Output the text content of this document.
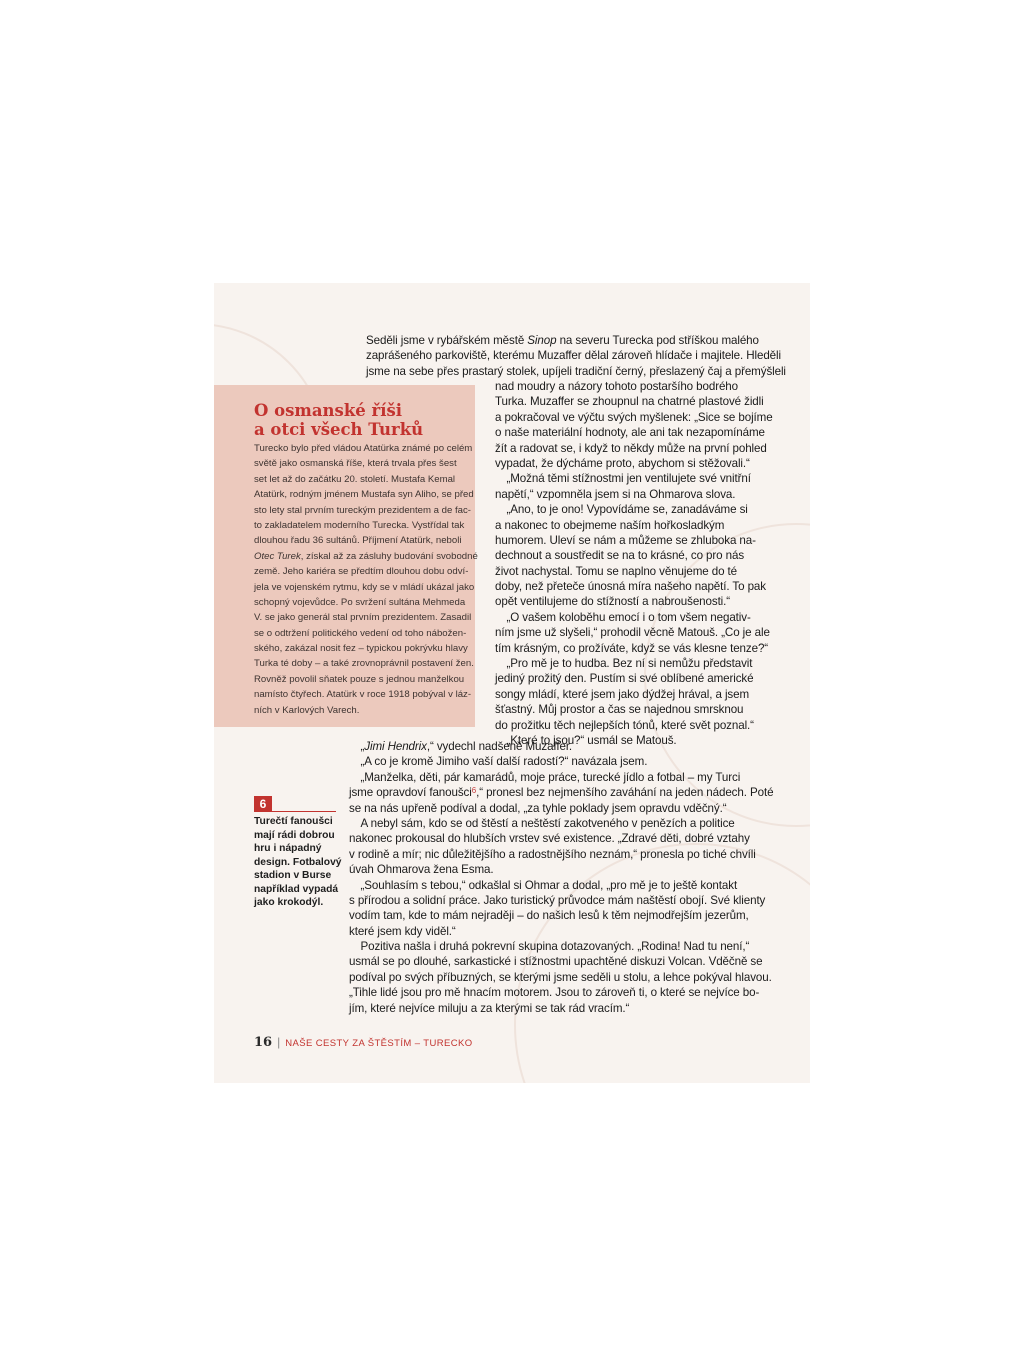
Seděli jsme v rybářském městě Sinop na severu Turecka pod stříškou malého
zaprášeného parkoviště, kterému Muzaffer dělal zároveň hlídače i majitele. Hleděli
jsme na sebe přes prastarý stolek, upíjeli tradiční černý, přeslazený čaj a přemýšleli
nad moudry a názory tohoto postaršího bodrého
Turka. Muzaffer se zhoupnul na chatrné plastové židli
a pokračoval ve výčtu svých myšlenek: „Sice se bojíme
o naše materiální hodnoty, ale ani tak nezapomínáme
žít a radovat se, i když to někdy může na první pohled
vypadat, že dýcháme proto, abychom si stěžovali.“
 „Možná těmi stížnostmi jen ventilujete své vnitřní
napětí,“ vzpomněla jsem si na Ohmarova slova.
 „Ano, to je ono! Vypovídáme se, zanadáváme si
a nakonec to obejmeme naším hořkosladkým
humorem. Uleví se nám a můžeme se zhluboka na-
dechnout a soustředit se na to krásné, co pro nás
život nachystal. Tomu se naplno věnujeme do té
doby, než přeteče únosná míra našeho napětí. To pak
opět ventilujeme do stížností a nabroušenosti.“
 „O vašem koloběhu emocí i o tom všem negativ-
ním jsme už slyšeli,“ prohodil věcně Matouš. „Co je ale
tím krásným, co prožíváte, když se vás klesne tenze?“
 „Pro mě je to hudba. Bez ní si nemůžu představit
jediný prožitý den. Pustím si své oblíbené americké
songy mládí, které jsem jako dýdžej hrával, a jsem
šťastný. Můj prostor a čas se najednou smrsknou
do prožitku těch nejlepších tónů, které svět poznal.“
 „Které to jsou?“ usmál se Matouš.
 „Jimi Hendrix,“ vydechl nadšeně Muzaffer.
 „A co je kromě Jimiho vaší další radostí?“ navázala jsem.
 „Manželka, děti, pár kamarádů, moje práce, turecké jídlo a fotbal – my Turci
jsme opravdoví fanoušci$^6$,“ pronesl bez nejmenšího zaváhání na jeden nádech. Poté
se na nás upřeně podíval a dodal, „za tyhle poklady jsem opravdu vděčný.“
 A nebyl sám, kdo se od štěstí a neštěstí zakotveného v penězích a politice
nakonec prokousal do hlubších vrstev své existence. „Zdravé děti, dobré vztahy
v rodině a mír; nic důležitějšího a radostnějšího neznám,“ pronesla po tiché chvíli
úvah Ohmarova žena Esma.
 „Souhlasím s tebou,“ odkašlal si Ohmar a dodal, „pro mě je to ještě kontakt
s přírodou a solidní práce. Jako turistický průvodce mám naštěstí obojí. Své klienty
vodím tam, kde to mám nejraději – do našich lesů k těm nejmodřejším jezerům,
které jsem kdy viděl.“
 Pozitiva našla i druhá pokrevní skupina dotazovaných. „Rodina! Nad tu není,“
usmál se po dlouhé, sarkastické i stížnostmi upachtěné diskuzi Volcan. Vděčně se
podíval po svých příbuzných, se kterými jsme seděli u stolu, a lehce pokýval hlavou.
„Tihle lidé jsou pro mě hnacím motorem. Jsou to zároveň ti, o které se nejvíce bo-
jím, které nejvíce miluju a za kterými se tak rád vracím.“
O osmanské říši
a otci všech Turků
Turecko bylo před vládou Atatürka známé po celém
světě jako osmanská říše, která trvala přes šest
set let až do začátku 20. století. Mustafa Kemal
Atatürk, rodným jménem Mustafa syn Aliho, se před
sto lety stal prvním tureckým prezidentem a de fac-
to zakladatelem moderního Turecka. Vystřídal tak
dlouhou řadu 36 sultánů. Příjmení Atatürk, neboli
Otec Turek, získal až za zásluhy budování svobodné
země. Jeho kariéra se předtím dlouhou dobu odví-
jela ve vojenském rytmu, kdy se v mládí ukázal jako
schopný vojevůdce. Po svržení sultána Mehmeda
V. se jako generál stal prvním prezidentem. Zasadil
se o odtržení politického vedení od toho nábožen-
ského, zakázal nosit fez – typickou pokrývku hlavy
Turka té doby – a také zrovnoprávnil postavení žen.
Rovněž povolil sňatek pouze s jednou manželkou
namísto čtyřech. Atatürk v roce 1918 pobýval v láz-
ních v Karlových Varech.
6
Turečtí fanoušci
mají rádi dobrou
hru i nápadný
design. Fotbalový
stadion v Burse
například vypadá
jako krokodýl.
16 | NAŠE CESTY ZA ŠTĚSTÍM – TURECKO
